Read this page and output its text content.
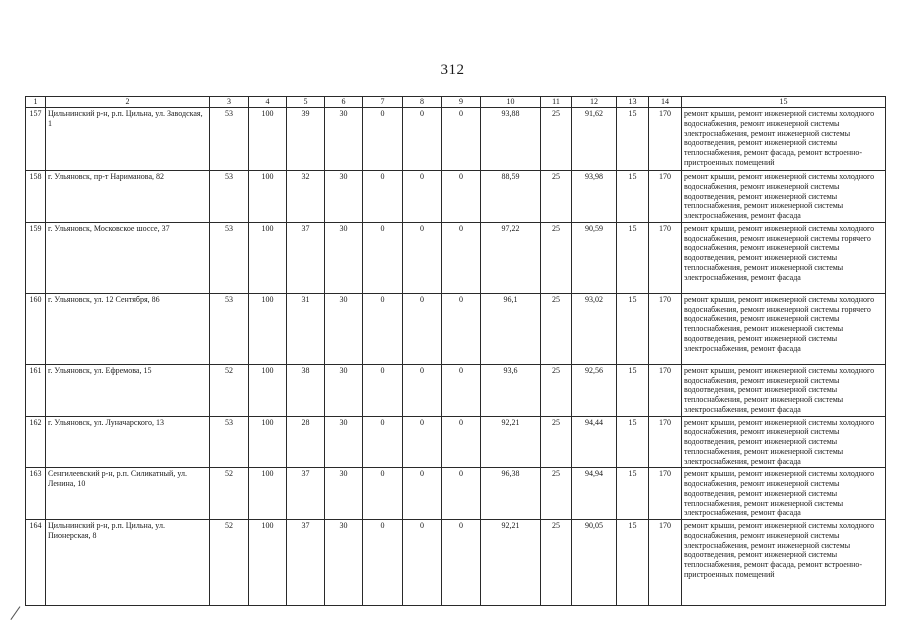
312
1	2	3	4	5	6	7	8	9	10	11	12	13	14	15
157	Цильнинский р-н, р.п. Цильна, ул. Заводская, 1	53	100	39	30	0	0	0	93,88	25	91,62	15	170	ремонт крыши, ремонт инженерной системы холодного водоснабжения, ремонт инженерной системы электроснабжения, ремонт инженерной системы водоотведения, ремонт инженерной системы теплоснабжения, ремонт фасада, ремонт встроенно-пристроенных помещений
158	г. Ульяновск, пр-т Нариманова, 82	53	100	32	30	0	0	0	88,59	25	93,98	15	170	ремонт крыши, ремонт инженерной системы холодного водоснабжения, ремонт инженерной системы водоотведения, ремонт инженерной системы теплоснабжения, ремонт инженерной системы электроснабжения, ремонт фасада
159	г. Ульяновск, Московское шоссе, 37	53	100	37	30	0	0	0	97,22	25	90,59	15	170	ремонт крыши, ремонт инженерной системы холодного водоснабжения, ремонт инженерной системы горячего водоснабжения, ремонт инженерной системы водоотведения, ремонт инженерной системы теплоснабжения, ремонт инженерной системы электроснабжения, ремонт фасада
160	г. Ульяновск, ул. 12 Сентября, 86	53	100	31	30	0	0	0	96,1	25	93,02	15	170	ремонт крыши, ремонт инженерной системы холодного водоснабжения, ремонт инженерной системы горячего водоснабжения, ремонт инженерной системы теплоснабжения, ремонт инженерной системы водоотведения, ремонт инженерной системы электроснабжения, ремонт фасада
161	г. Ульяновск, ул. Ефремова, 15	52	100	38	30	0	0	0	93,6	25	92,56	15	170	ремонт крыши, ремонт инженерной системы холодного водоснабжения, ремонт инженерной системы водоотведения, ремонт инженерной системы теплоснабжения, ремонт инженерной системы электроснабжения, ремонт фасада
162	г. Ульяновск, ул. Луначарского, 13	53	100	28	30	0	0	0	92,21	25	94,44	15	170	ремонт крыши, ремонт инженерной системы холодного водоснабжения, ремонт инженерной системы водоотведения, ремонт инженерной системы теплоснабжения, ремонт инженерной системы электроснабжения, ремонт фасада
163	Сенгилеевский р-н, р.п. Силикатный, ул. Ленина, 10	52	100	37	30	0	0	0	96,38	25	94,94	15	170	ремонт крыши, ремонт инженерной системы холодного водоснабжения, ремонт инженерной системы водоотведения, ремонт инженерной системы теплоснабжения, ремонт инженерной системы электроснабжения, ремонт фасада
164	Цильнинский р-н, р.п. Цильна, ул. Пионерская, 8	52	100	37	30	0	0	0	92,21	25	90,05	15	170	ремонт крыши, ремонт инженерной системы холодного водоснабжения, ремонт инженерной системы электроснабжения, ремонт инженерной системы водоотведения, ремонт инженерной системы теплоснабжения, ремонт фасада, ремонт встроенно-пристроенных помещений
